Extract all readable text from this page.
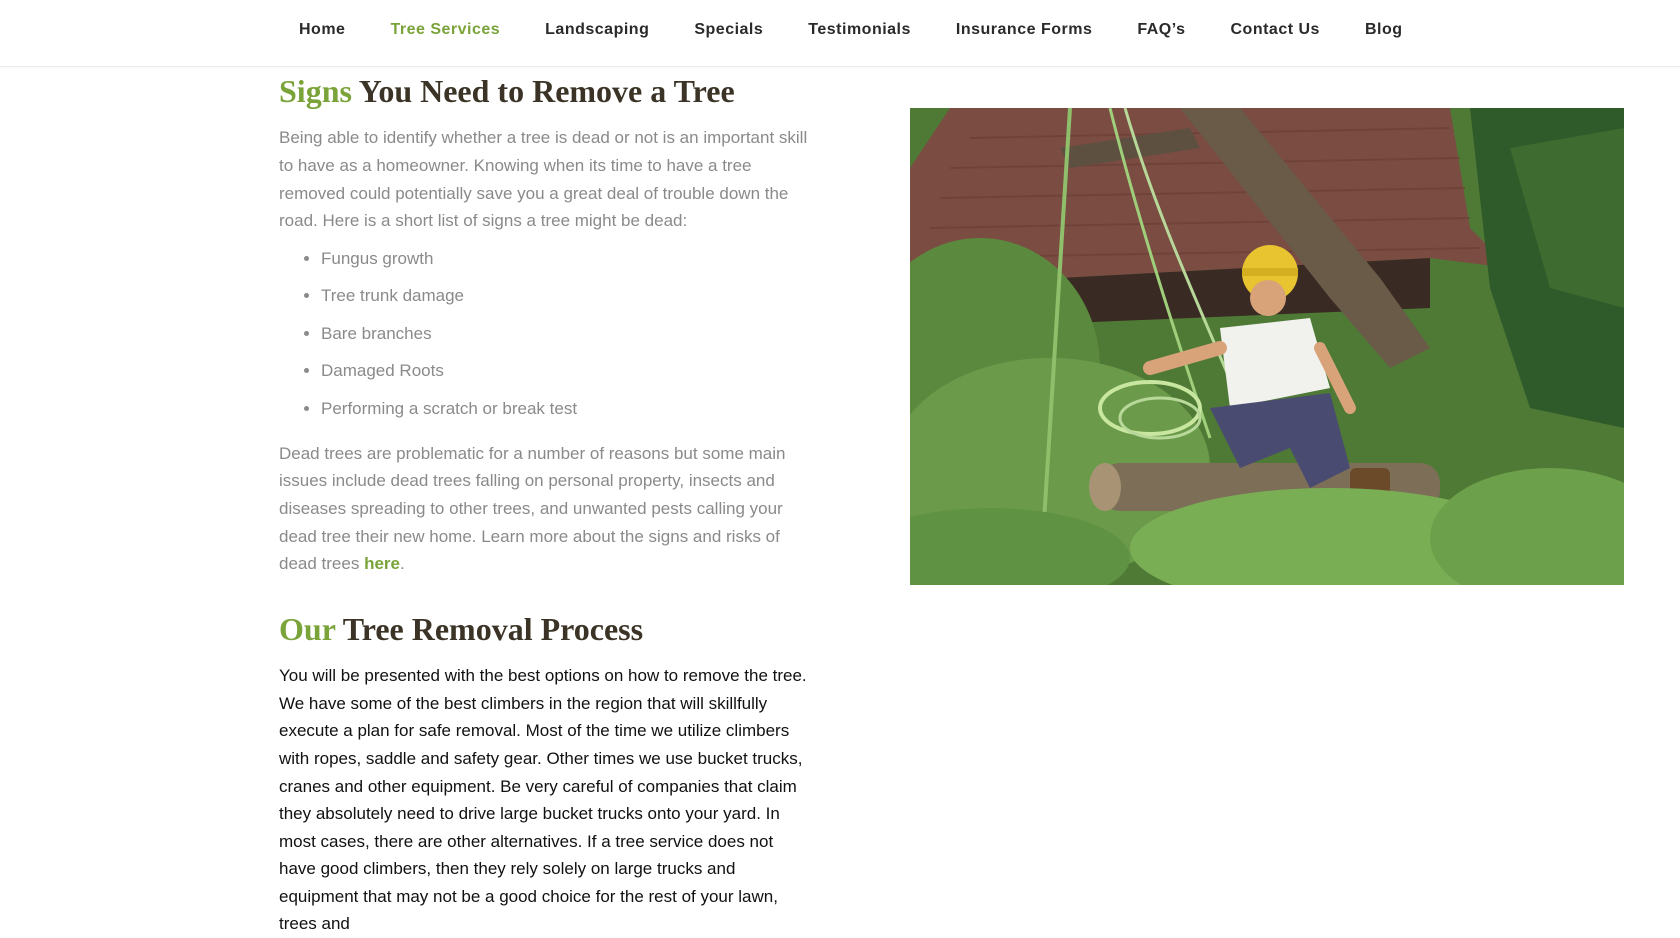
Home	Tree Services	Landscaping	Specials	Testimonials	Insurance Forms	FAQ’s	Contact Us	Blog
Signs You Need to Remove a Tree

Being able to identify whether a tree is dead or not is an important skill to have as a homeowner. Knowing when its time to have a tree removed could potentially save you a great deal of trouble down the road. Here is a short list of signs a tree might be dead:

• Fungus growth
• Tree trunk damage
• Bare branches
• Damaged Roots
• Performing a scratch or break test

Dead trees are problematic for a number of reasons but some main issues include dead trees falling on personal property, insects and diseases spreading to other trees, and unwanted pests calling your dead tree their new home. Learn more about the signs and risks of dead trees here.

Our Tree Removal Process

You will be presented with the best options on how to remove the tree. We have some of the best climbers in the region that will skillfully execute a plan for safe removal. Most of the time we utilize climbers with ropes, saddle and safety gear. Other times we use bucket trucks, cranes and other equipment. Be very careful of companies that claim they absolutely need to drive large bucket trucks onto your yard. In most cases, there are other alternatives. If a tree service does not have good climbers, then they rely solely on large trucks and equipment that may not be a good choice for the rest of your lawn, trees and
